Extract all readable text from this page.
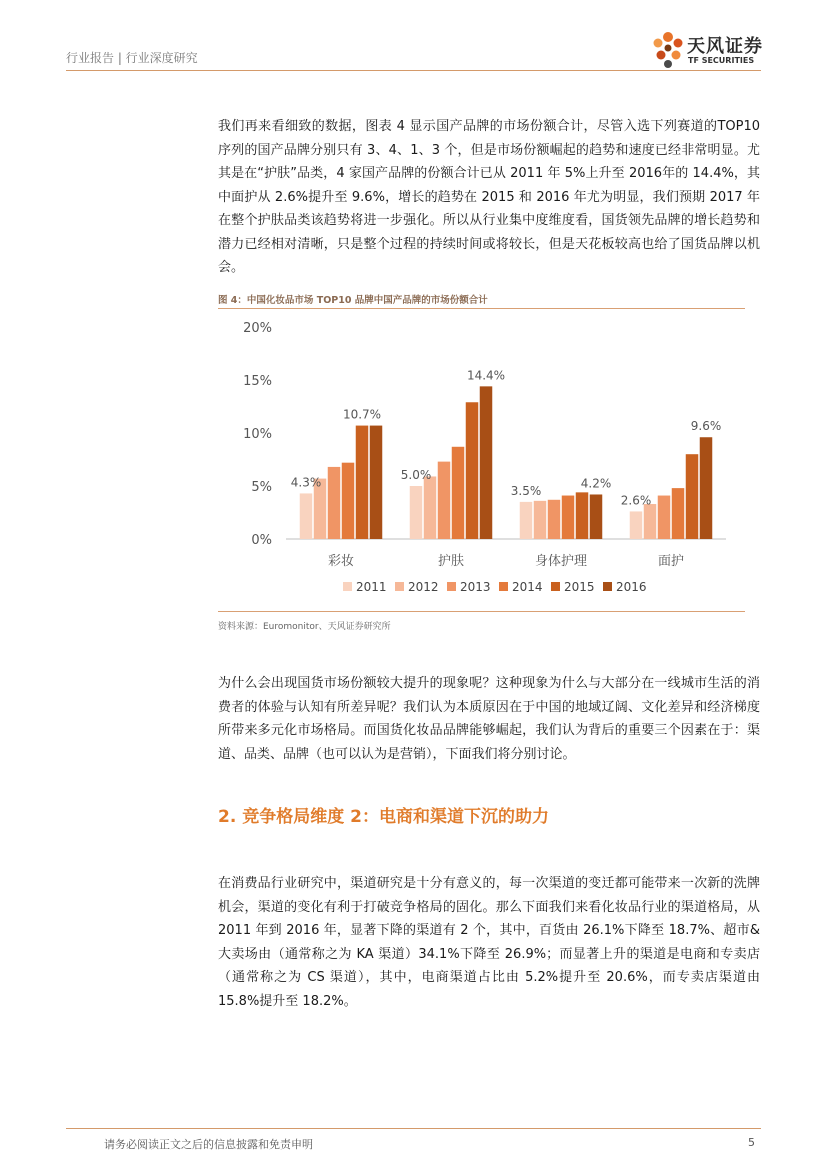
行业报告 | 行业深度研究
天风证券
TF SECURITIES
我们再来看细致的数据，图表 4 显示国产品牌的市场份额合计，尽管入选下列赛道的TOP10 序列的国产品牌分别只有 3、4、1、3 个，但是市场份额崛起的趋势和速度已经非常明显。尤其是在“护肤”品类，4 家国产品牌的份额合计已从 2011 年 5%上升至 2016年的 14.4%，其中面护从 2.6%提升至 9.6%，增长的趋势在 2015 和 2016 年尤为明显，我们预期 2017 年在整个护肤品类该趋势将进一步强化。所以从行业集中度维度看，国货领先品牌的增长趋势和潜力已经相对清晰，只是整个过程的持续时间或将较长，但是天花板较高也给了国货品牌以机会。
图 4：中国化妆品市场 TOP10 品牌中国产品牌的市场份额合计
0%
5%
10%
15%
20%
彩妆	护肤	身体护理	面护
4.3%
10.7%
5.0%
14.4%
3.5%
4.2%
2.6%
9.6%
2011 2012 2013 2014 2015 2016
资料来源：Euromonitor、天风证券研究所
为什么会出现国货市场份额较大提升的现象呢？这种现象为什么与大部分在一线城市生活的消费者的体验与认知有所差异呢？我们认为本质原因在于中国的地域辽阔、文化差异和经济梯度所带来多元化市场格局。而国货化妆品品牌能够崛起，我们认为背后的重要三个因素在于：渠道、品类、品牌（也可以认为是营销），下面我们将分别讨论。
2. 竞争格局维度 2：电商和渠道下沉的助力
在消费品行业研究中，渠道研究是十分有意义的，每一次渠道的变迁都可能带来一次新的洗牌机会，渠道的变化有利于打破竞争格局的固化。那么下面我们来看化妆品行业的渠道格局，从 2011 年到 2016 年，显著下降的渠道有 2 个，其中，百货由 26.1%下降至 18.7%、超市&大卖场由（通常称之为 KA 渠道）34.1%下降至 26.9%；而显著上升的渠道是电商和专卖店（通常称之为 CS 渠道），其中，电商渠道占比由 5.2%提升至 20.6%，而专卖店渠道由 15.8%提升至 18.2%。
请务必阅读正文之后的信息披露和免责申明	5
